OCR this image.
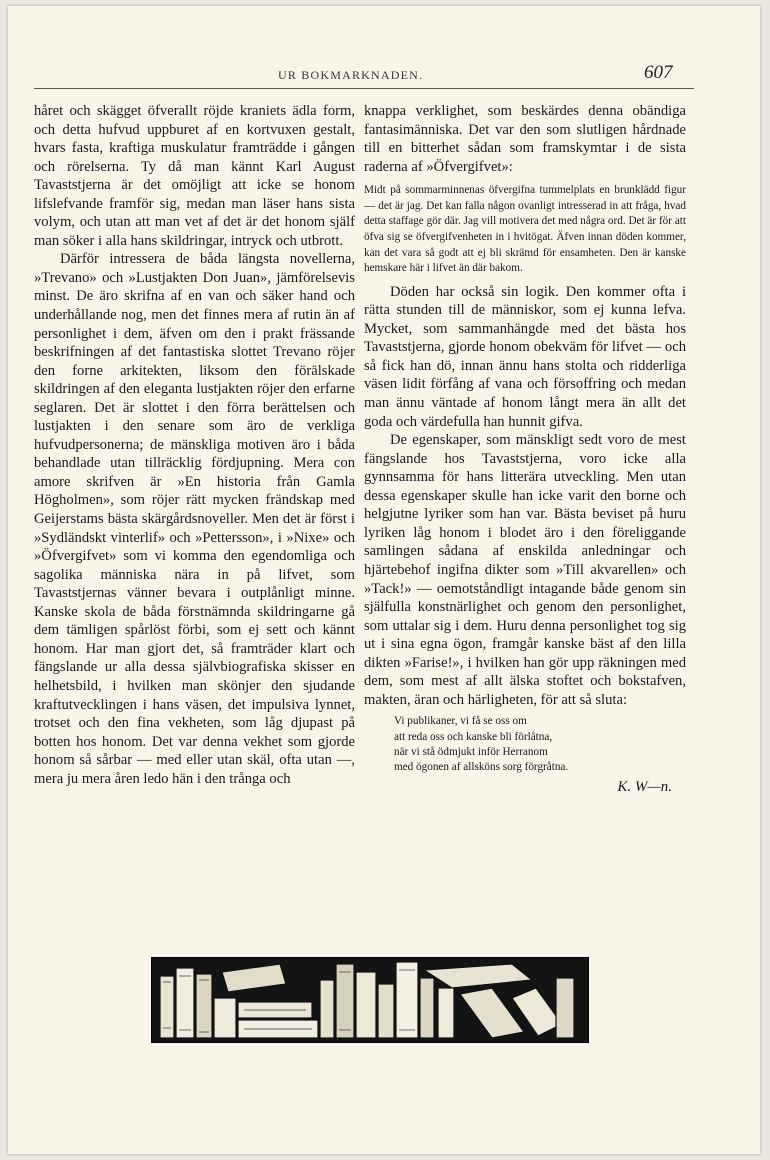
UR BOKMARKNADEN.	607

håret och skägget öfverallt röjde kraniets ädla form, och detta hufvud uppburet af en kortvuxen gestalt, hvars fasta, kraftiga muskulatur framträdde i gången och rörelserna. Ty då man kännt Karl August Tavaststjerna är det omöjligt att icke se honom lifslefvande framför sig, medan man läser hans sista volym, och utan att man vet af det är det honom själf man söker i alla hans skildringar, intryck och utbrott.

Därför intressera de båda längsta novellerna, »Trevano» och »Lustjakten Don Juan», jämförelsevis minst. De äro skrifna af en van och säker hand och underhållande nog, men det finnes mera af rutin än af personlighet i dem, äfven om den i prakt frässande beskrifningen af det fantastiska slottet Trevano röjer den forne arkitekten, liksom den förälskade skildringen af den eleganta lustjakten röjer den erfarne seglaren. Det är slottet i den förra berättelsen och lustjakten i den senare som äro de verkliga hufvudpersonerna; de mänskliga motiven äro i båda behandlade utan tillräcklig fördjupning. Mera con amore skrifven är »En historia från Gamla Högholmen», som röjer rätt mycken frändskap med Geijerstams bästa skärgårdsnoveller. Men det är först i »Sydländskt vinterlif» och »Pettersson», i »Nixe» och »Öfvergifvet» som vi komma den egendomliga och sagolika människa nära in på lifvet, som Tavaststjernas vänner bevara i outplånligt minne. Kanske skola de båda förstnämnda skildringarne gå dem tämligen spårlöst förbi, som ej sett och kännt honom. Har man gjort det, så framträder klart och fängslande ur alla dessa självbiografiska skisser en helhetsbild, i hvilken man skönjer den sjudande kraftutvecklingen i hans väsen, det impulsiva lynnet, trotset och den fina vekheten, som låg djupast på botten hos honom. Det var denna vekhet som gjorde honom så sårbar — med eller utan skäl, ofta utan —, mera ju mera åren ledo hän i den trånga och

knappa verklighet, som beskärdes denna obändiga fantasimänniska. Det var den som slutligen hårdnade till en bitterhet sådan som framskymtar i de sista raderna af »Öfvergifvet»:

Midt på sommarminnenas öfvergifna tummelplats en brunklädd figur — det är jag. Det kan falla någon ovanligt intresserad in att fråga, hvad detta staffage gör där. Jag vill motivera det med några ord. Det är för att öfva sig se öfvergifvenheten in i hvitögat. Äfven innan döden kommer, kan det vara så godt att ej bli skrämd för ensamheten. Den är kanske hemskare här i lifvet än där bakom.

Döden har också sin logik. Den kommer ofta i rätta stunden till de människor, som ej kunna lefva. Mycket, som sammanhängde med det bästa hos Tavaststjerna, gjorde honom obekväm för lifvet — och så fick han dö, innan ännu hans stolta och ridderliga väsen lidit förfång af vana och försoffring och medan man ännu väntade af honom långt mera än allt det goda och värdefulla han hunnit gifva.

De egenskaper, som mänskligt sedt voro de mest fängslande hos Tavaststjerna, voro icke alla gynnsamma för hans litterära utveckling. Men utan dessa egenskaper skulle han icke varit den borne och helgjutne lyriker som han var. Bästa beviset på huru lyriken låg honom i blodet äro i den föreliggande samlingen sådana af enskilda anledningar och hjärtebehof ingifna dikter som »Till akvarellen» och »Tack!» — oemotståndligt intagande både genom sin själfulla konstnärlighet och genom den personlighet, som uttalar sig i dem. Huru denna personlighet tog sig ut i sina egna ögon, framgår kanske bäst af den lilla dikten »Farise!», i hvilken han gör upp räkningen med dem, som mest af allt älska stoftet och bokstafven, makten, äran och härligheten, för att så sluta:

Vi publikaner, vi få se oss om
att reda oss och kanske bli förlåtna,
när vi stå ödmjukt inför Herranom
med ögonen af allsköns sorg förgråtna.
K. W—n.
